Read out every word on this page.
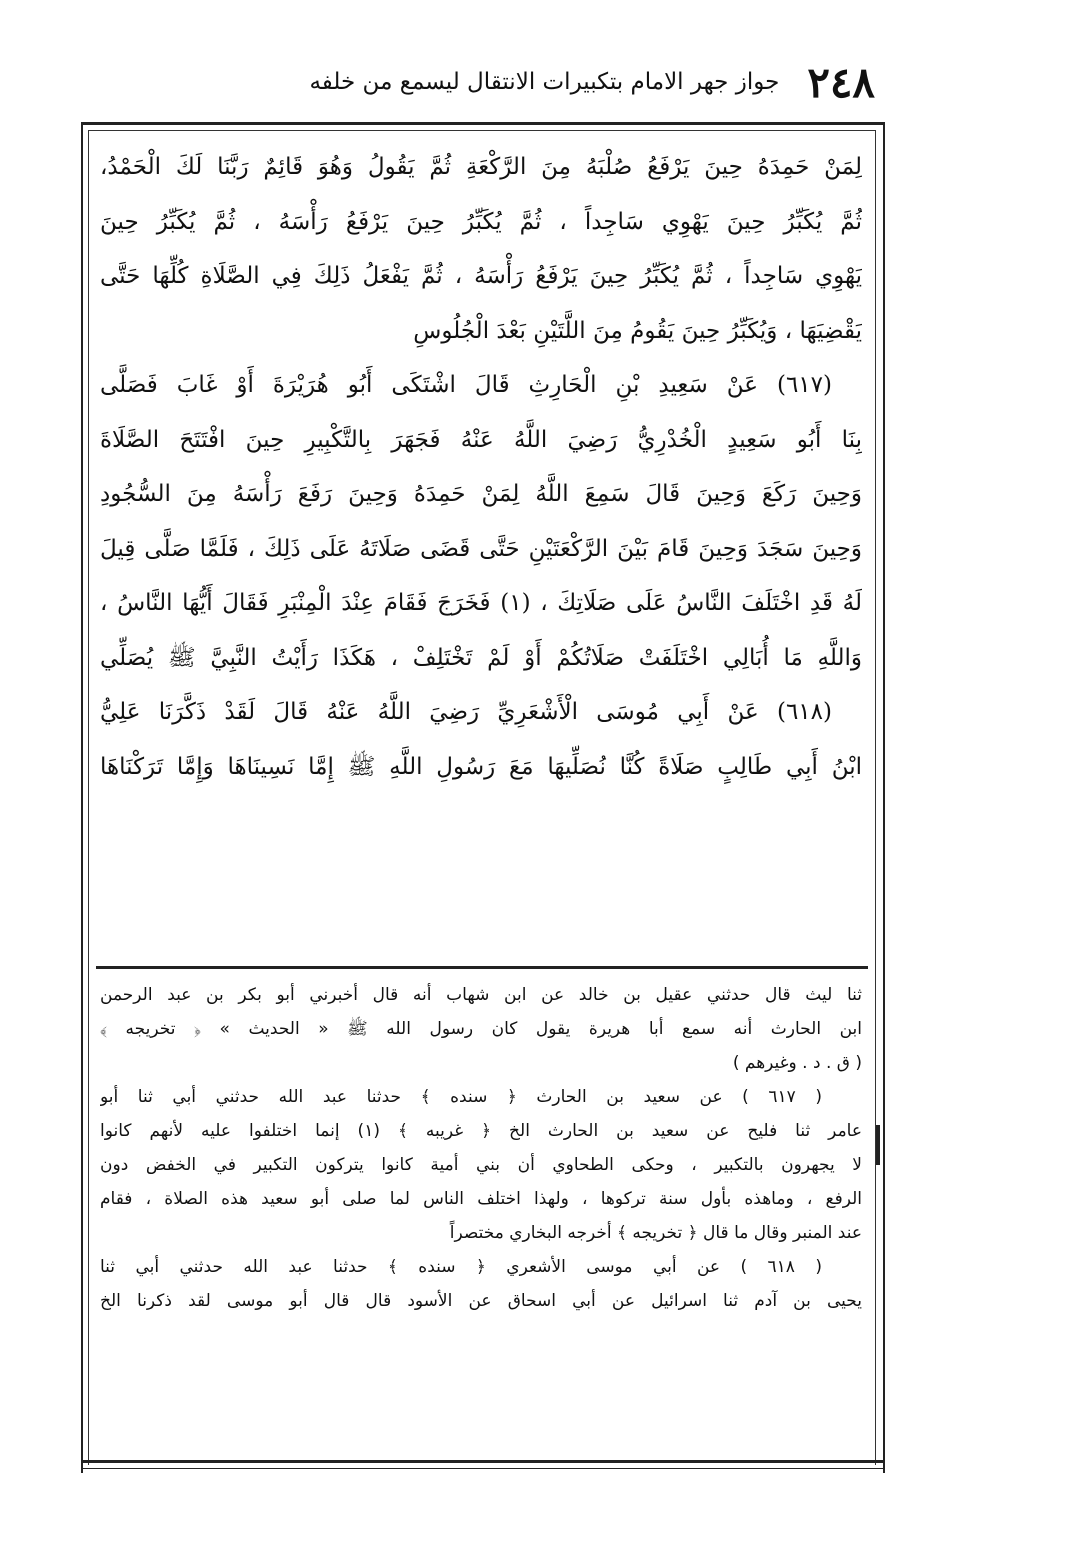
٢٤٨
جواز جهر الامام بتكبيرات الانتقال ليسمع من خلفه
لِمَنْ حَمِدَهُ حِينَ يَرْفَعُ صُلْبَهُ مِنَ الرَّكْعَةِ ثُمَّ يَقُولُ وَهُوَ قَائِمٌ رَبَّنَا لَكَ الْحَمْدُ،
ثُمَّ يُكَبِّرُ حِينَ يَهْوِي سَاجِداً ، ثُمَّ يُكَبِّرُ حِينَ يَرْفَعُ رَأْسَهُ ، ثُمَّ يُكَبِّرُ حِينَ
يَهْوِي سَاجِداً ، ثُمَّ يُكَبِّرُ حِينَ يَرْفَعُ رَأْسَهُ ، ثُمَّ يَفْعَلُ ذَلِكَ فِي الصَّلَاةِ كُلِّهَا حَتَّى
يَقْضِيَهَا ، وَيُكَبِّرُ حِينَ يَقُومُ مِنَ اللَّتَيْنِ بَعْدَ الْجُلُوسِ
(٦١٧) عَنْ سَعِيدِ بْنِ الْحَارِثِ قَالَ اشْتَكَى أَبُو هُرَيْرَةَ أَوْ غَابَ فَصَلَّى
بِنَا أَبُو سَعِيدٍ الْخُدْرِيُّ رَضِيَ اللَّهُ عَنْهُ فَجَهَرَ بِالتَّكْبِيرِ حِينَ افْتَتَحَ الصَّلَاةَ
وَحِينَ رَكَعَ وَحِينَ قَالَ سَمِعَ اللَّهُ لِمَنْ حَمِدَهُ وَحِينَ رَفَعَ رَأْسَهُ مِنَ السُّجُودِ
وَحِينَ سَجَدَ وَحِينَ قَامَ بَيْنَ الرَّكْعَتَيْنِ حَتَّى قَضَى صَلَاتَهُ عَلَى ذَلِكَ ، فَلَمَّا صَلَّى قِيلَ
لَهُ قَدِ اخْتَلَفَ النَّاسُ عَلَى صَلَاتِكَ ، (١) فَخَرَجَ فَقَامَ عِنْدَ الْمِنْبَرِ فَقَالَ أَيُّهَا النَّاسُ ،
وَاللَّهِ مَا أُبَالِي اخْتَلَفَتْ صَلَاتُكُمْ أَوْ لَمْ تَخْتَلِفْ ، هَكَذَا رَأَيْتُ النَّبِيَّ ﷺ يُصَلِّي
(٦١٨) عَنْ أَبِي مُوسَى الْأَشْعَرِيِّ رَضِيَ اللَّهُ عَنْهُ قَالَ لَقَدْ ذَكَّرَنَا عَلِيُّ
ابْنُ أَبِي طَالِبٍ صَلَاةً كُنَّا نُصَلِّيهَا مَعَ رَسُولِ اللَّهِ ﷺ إِمَّا نَسِينَاهَا وَإِمَّا تَرَكْنَاهَا
ثنا ليث قال حدثني عقيل بن خالد عن ابن شهاب أنه قال أخبرني أبو بكر بن عبد الرحمن
ابن الحارث أنه سمع أبا هريرة يقول كان رسول الله ﷺ « الحديث » ﴿ تخريجه ﴾
( ق . د . وغيرهم )
( ٦١٧ ) عن سعيد بن الحارث ﴿ سنده ﴾ حدثنا عبد الله حدثني أبي ثنا أبو
عامر ثنا فليح عن سعيد بن الحارث الخ ﴿ غريبه ﴾ (١) إنما اختلفوا عليه لأنهم كانوا
لا يجهرون بالتكبير ، وحكى الطحاوي أن بني أمية كانوا يتركون التكبير في الخفض دون
الرفع ، وماهذه بأول سنة تركوها ، ولهذا اختلف الناس لما صلى أبو سعيد هذه الصلاة ، فقام
عند المنبر وقال ما قال ﴿ تخريجه ﴾ أخرجه البخاري مختصراً
( ٦١٨ ) عن أبي موسى الأشعري ﴿ سنده ﴾ حدثنا عبد الله حدثني أبي ثنا
يحيى بن آدم ثنا اسرائيل عن أبي اسحاق عن الأسود قال قال أبو موسى لقد ذكرنا الخ
